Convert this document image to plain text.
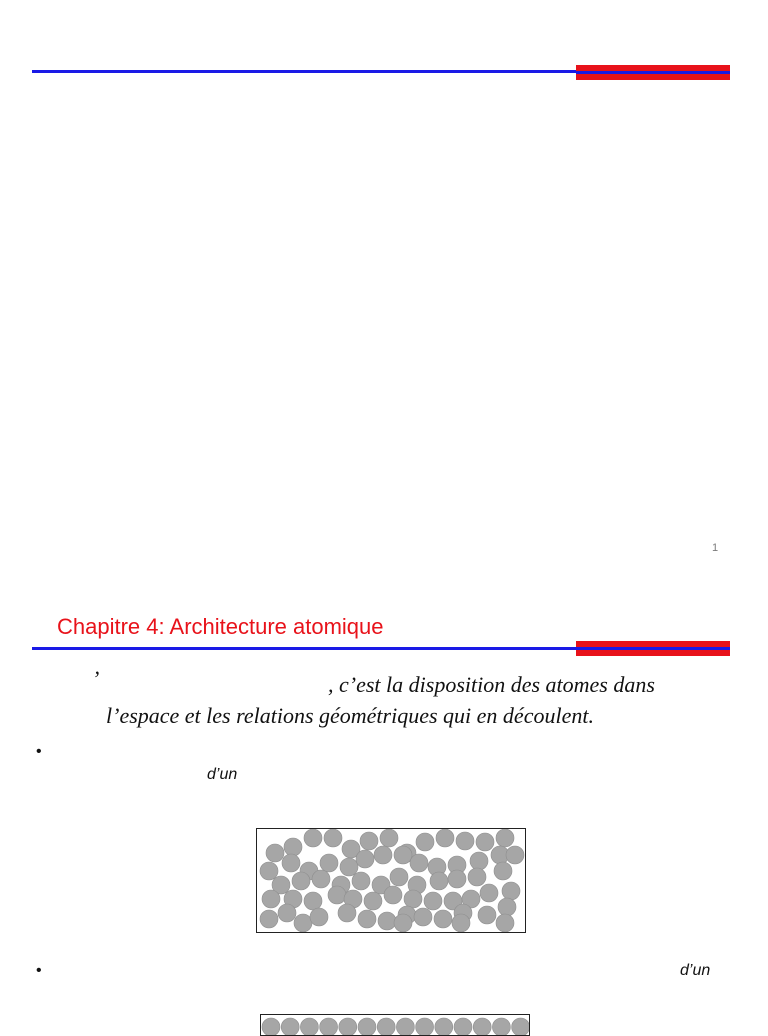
1
Chapitre 4: Architecture atomique
’	, c’est la disposition des atomes dans
l’espace et les relations géométriques qui en découlent.
•
d’un
•	d’un
